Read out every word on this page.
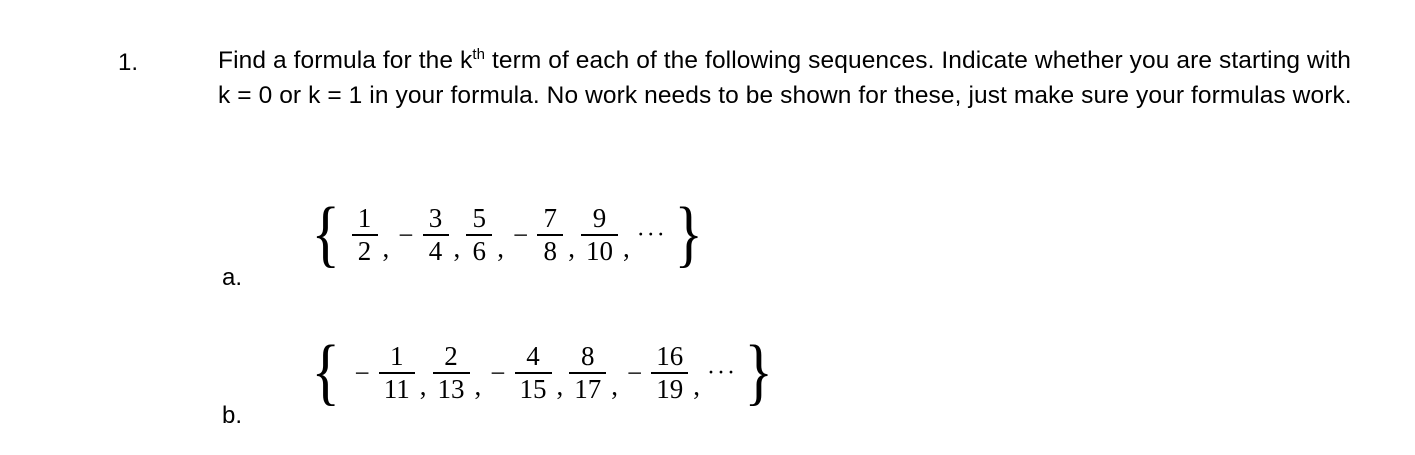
1.	Find a formula for the $k^{th}$ term of each of the following sequences. Indicate whether you are starting with k = 0 or k = 1 in your formula. No work needs to be shown for these, just make sure your formulas work.
a.
{ $\frac{1}{2}$ , − $\frac{3}{4}$ , $\frac{5}{6}$ , − $\frac{7}{8}$ , $\frac{9}{10}$ , ··· }
b.
{ − $\frac{1}{11}$ , $\frac{2}{13}$ , − $\frac{4}{15}$ , $\frac{8}{17}$ , − $\frac{16}{19}$ , ··· }
